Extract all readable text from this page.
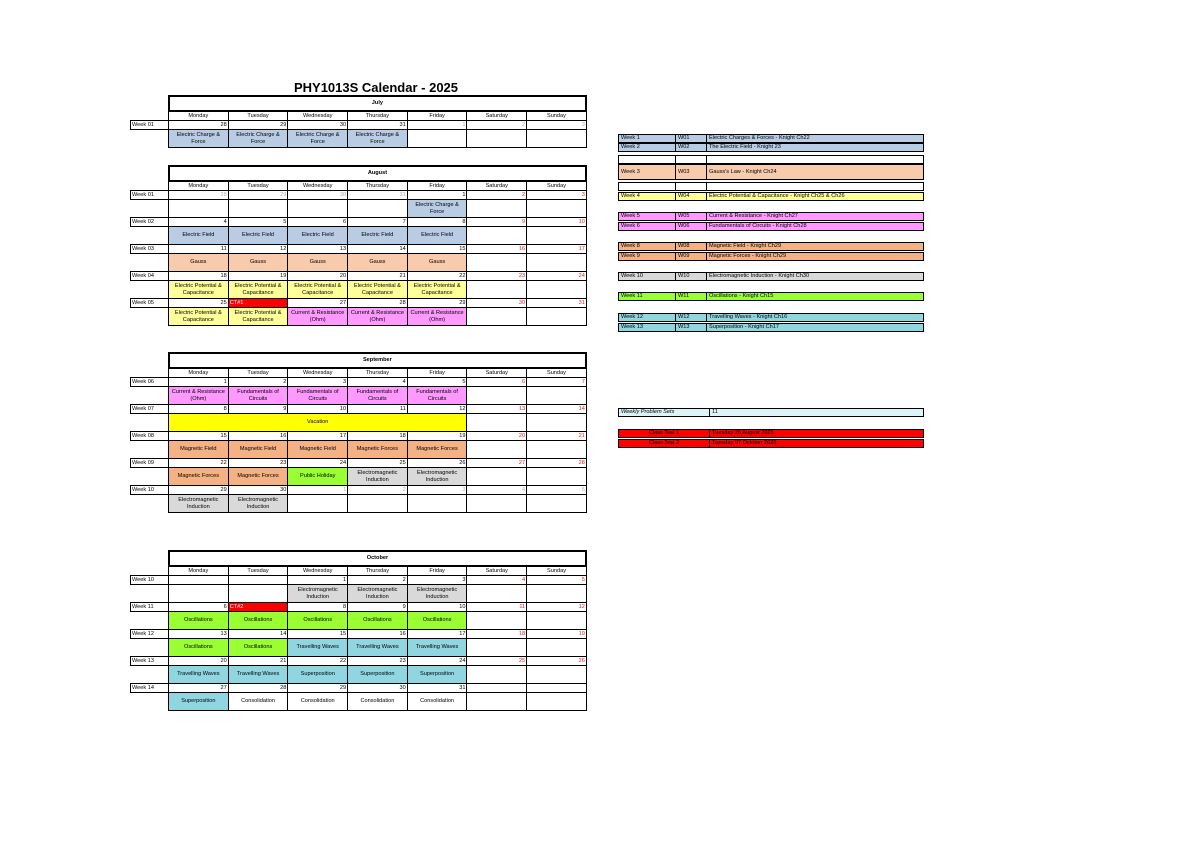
PHY1013S Calendar - 2025
	July						
	Monday	Tuesday	Wednesday	Thursday	Friday	Saturday	Sunday
Week 01	28	29	30	31	1	2	3
	Electric Charge & Force	Electric Charge & Force	Electric Charge & Force	Electric Charge & Force			
	August						
	Monday	Tuesday	Wednesday	Thursday	Friday	Saturday	Sunday
Week 01	28	29	30	31	1	2	3
					Electric Charge & Force		
Week 02	4	5	6	7	8	9	10
	Electric Field	Electric Field	Electric Field	Electric Field	Electric Field		
Week 03	11	12	13	14	15	16	17
	Gauss	Gauss	Gauss	Gauss	Gauss		
Week 04	18	19	20	21	22	23	24
	Electric Potential & Capacitance	Electric Potential & Capacitance	Electric Potential & Capacitance	Electric Potential & Capacitance	Electric Potential & Capacitance		
Week 05	25	CT#1	27	28	29	30	31
	Electric Potential & Capacitance	Electric Potential & Capacitance	Current & Resistance (Ohm)	Current & Resistance (Ohm)	Current & Resistance (Ohm)		
	September						
	Monday	Tuesday	Wednesday	Thursday	Friday	Saturday	Sunday
Week 06	1	2	3	4	5	6	7
	Current & Resistance (Ohm)	Fundamentals of Circuits	Fundamentals of Circuits	Fundamentals of Circuits	Fundamentals of Circuits		
Week 07	8	9	10	11	12	13	14
	Vacation						
Week 08	15	16	17	18	19	20	21
	Magnetic Field	Magnetic Field	Magnetic Field	Magnetic Forces	Magnetic Forces		
Week 09	22	23	24	25	26	27	28
	Magnetic Forces	Magnetic Forces	Public Holiday	Electromagnetic Induction	Electromagnetic Induction		
Week 10	29	30	1	2	3	4	5
	Electromagnetic Induction	Electromagnetic Induction					
	October						
	Monday	Tuesday	Wednesday	Thursday	Friday	Saturday	Sunday
Week 10			1	2	3	4	5
			Electromagnetic Induction	Electromagnetic Induction	Electromagnetic Induction		
Week 11	6	CT#2	8	9	10	11	12
	Oscillations	Oscillations	Oscillations	Oscillations	Oscillations		
Week 12	13	14	15	16	17	18	19
	Oscillations	Oscillations	Travelling Waves	Travelling Waves	Travelling Waves		
Week 13	20	21	22	23	24	25	26
	Travelling Waves	Travelling Waves	Superposition	Superposition	Superposition		
Week 14	27	28	29	30	31		
	Superposition	Consolidation	Consolidation	Consolidation	Consolidation		
Week 1	W01	Electric Charges & Forces - Knight Ch22
Week 2	W02	The Electric Field - Knight 23
Week 3	W03	Gauss's Law - Knight Ch24
Week 4	W04	Electric Potential & Capacitance - Knight Ch25 & Ch26
Week 5	W05	Current & Resistance - Knight Ch27
Week 6	W06	Fundamentals of Circuits - Knight Ch28
Week 8	W08	Magnetic Field - Knight Ch29
Week 9	W09	Magnetic Forces - Knight Ch29
Week 10	W10	Electromagnetic Induction - Knight Ch30
Week 11	W11	Oscillations - Knight Ch15
Week 12	W12	Travelling Waves - Knight Ch16
Week 13	W13	Superposition - Knight Ch17

Weekly Problem Sets	11
Class Test 1	Tuesday 26 August 2025
Class Test 2	Tuesday 07 October 2025
